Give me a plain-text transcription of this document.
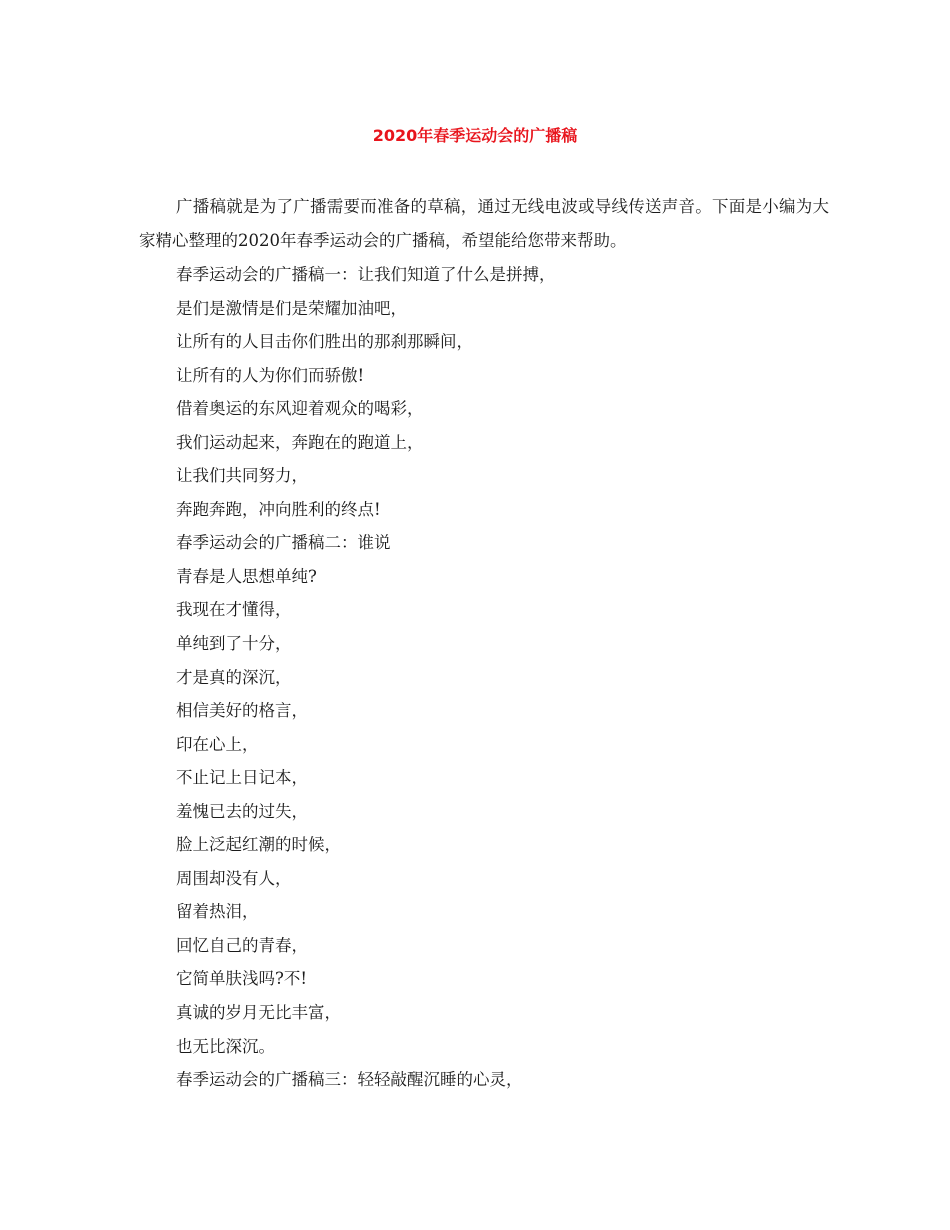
2020年春季运动会的广播稿

广播稿就是为了广播需要而准备的草稿，通过无线电波或导线传送声音。下面是小编为大家精心整理的2020年春季运动会的广播稿，希望能给您带来帮助。

春季运动会的广播稿一：让我们知道了什么是拼搏，
是们是激情是们是荣耀加油吧，
让所有的人目击你们胜出的那刹那瞬间，
让所有的人为你们而骄傲!
借着奥运的东风迎着观众的喝彩，
我们运动起来，奔跑在的跑道上，
让我们共同努力，
奔跑奔跑，冲向胜利的终点!
春季运动会的广播稿二：谁说
青春是人思想单纯?
我现在才懂得，
单纯到了十分，
才是真的深沉，
相信美好的格言，
印在心上，
不止记上日记本，
羞愧已去的过失，
脸上泛起红潮的时候，
周围却没有人，
留着热泪，
回忆自己的青春，
它简单肤浅吗?不!
真诚的岁月无比丰富，
也无比深沉。
春季运动会的广播稿三：轻轻敲醒沉睡的心灵，
